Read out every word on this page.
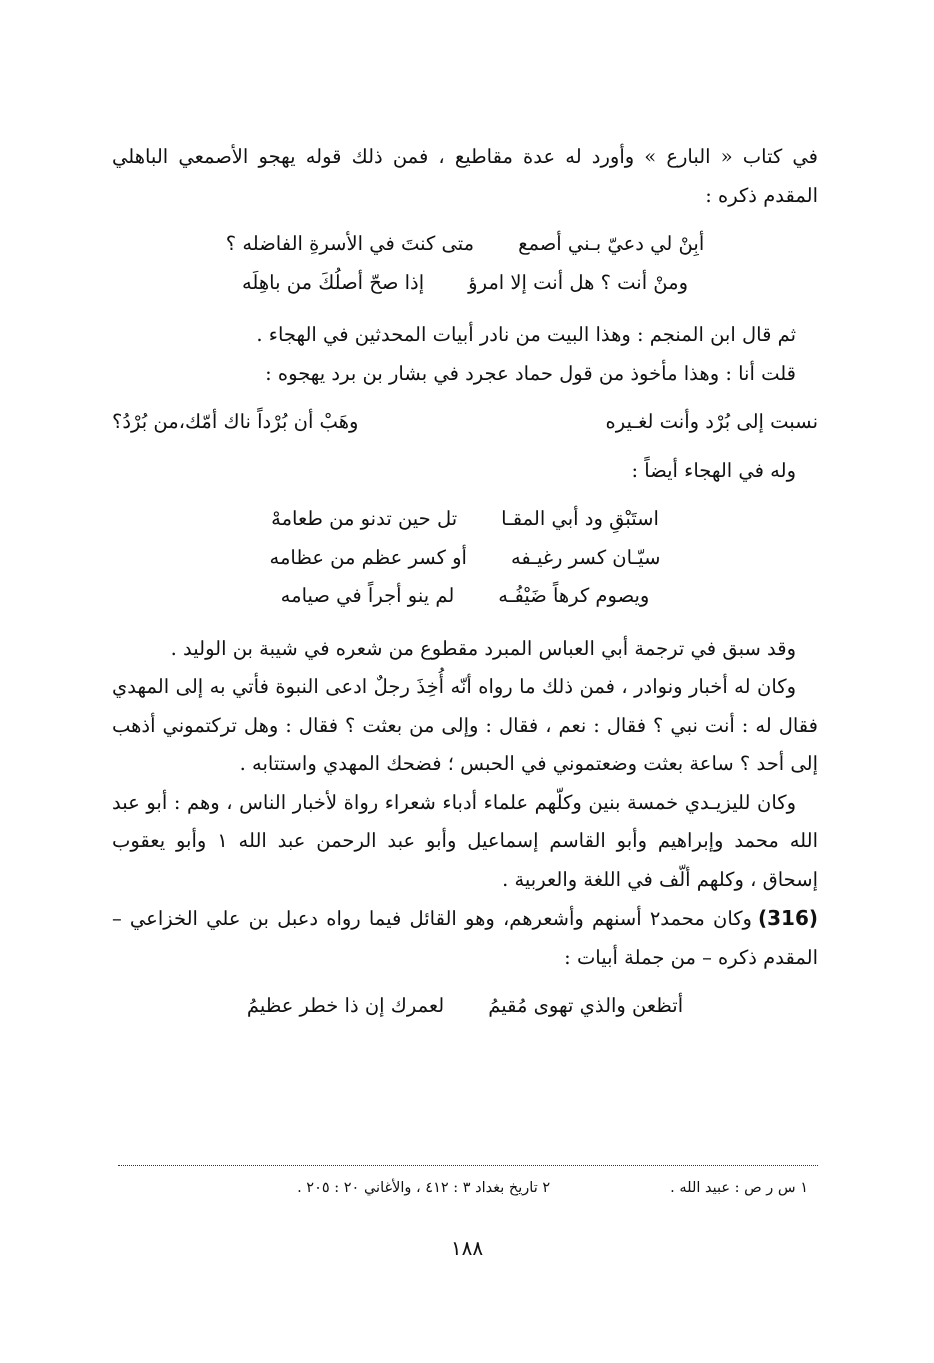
في كتاب « البارع » وأورد له عدة مقاطيع ، فمن ذلك قوله يهجو الأصمعي الباهلي المقدم ذكره :

أبِنْ لي دعيّ بـني أصمع
متى كنتَ في الأسرةِ الفاضله ؟
ومنْ أنت ؟ هل أنت إلا امرؤ
إذا صحّ أصلُكَ من باهِلَه

ثم قال ابن المنجم : وهذا البيت من نادر أبيات المحدثين في الهجاء .

قلت أنا : وهذا مأخوذ من قول حماد عجرد في بشار بن برد يهجوه :

نسبت إلى بُرْد وأنت لغـيره
وهَبْ أن بُرْداً ناك أمّك،من بُرْدُ؟

وله في الهجاء أيضاً :

استَبْقِ ود أبي المقـا
تل حين تدنو من طعامهْ
سيّـان كسر رغيـفه
أو كسر عظم من عظامه
ويصوم كرهاً ضَيْفُـه
لم ينو أجراً في صيامه

وقد سبق في ترجمة أبي العباس المبرد مقطوع من شعره في شيبة بن الوليد .

وكان له أخبار ونوادر ، فمن ذلك ما رواه أنّه أُخِذَ رجلٌ ادعى النبوة فأتي به إلى المهدي فقال له : أنت نبي ؟ فقال : نعم ، فقال : وإلى من بعثت ؟ فقال : وهل تركتموني أذهب إلى أحد ؟ ساعة بعثت وضعتموني في الحبس ؛ فضحك المهدي واستتابه .

وكان لليزيـدي خمسة بنين وكلّهم علماء أدباء شعراء رواة لأخبار الناس ، وهم : أبو عبد الله محمد وإبراهيم وأبو القاسم إسماعيل وأبو عبد الرحمن عبد الله ١ وأبو يعقوب إسحاق ، وكلهم ألّف في اللغة والعربية .

(316)وكان محمد٢ أسنهم وأشعرهم، وهو القائل فيما رواه دعبل بن علي الخزاعي – المقدم ذكره – من جملة أبيات :

أتظعن والذي تهوى مُقيمُ
لعمرك إن ذا خطر عظيمُ
١ س ر ص : عبيد الله .
٢ تاريخ بغداد ٣ : ٤١٢ ، والأغاني ٢٠ : ٢٠٥ .
١٨٨
